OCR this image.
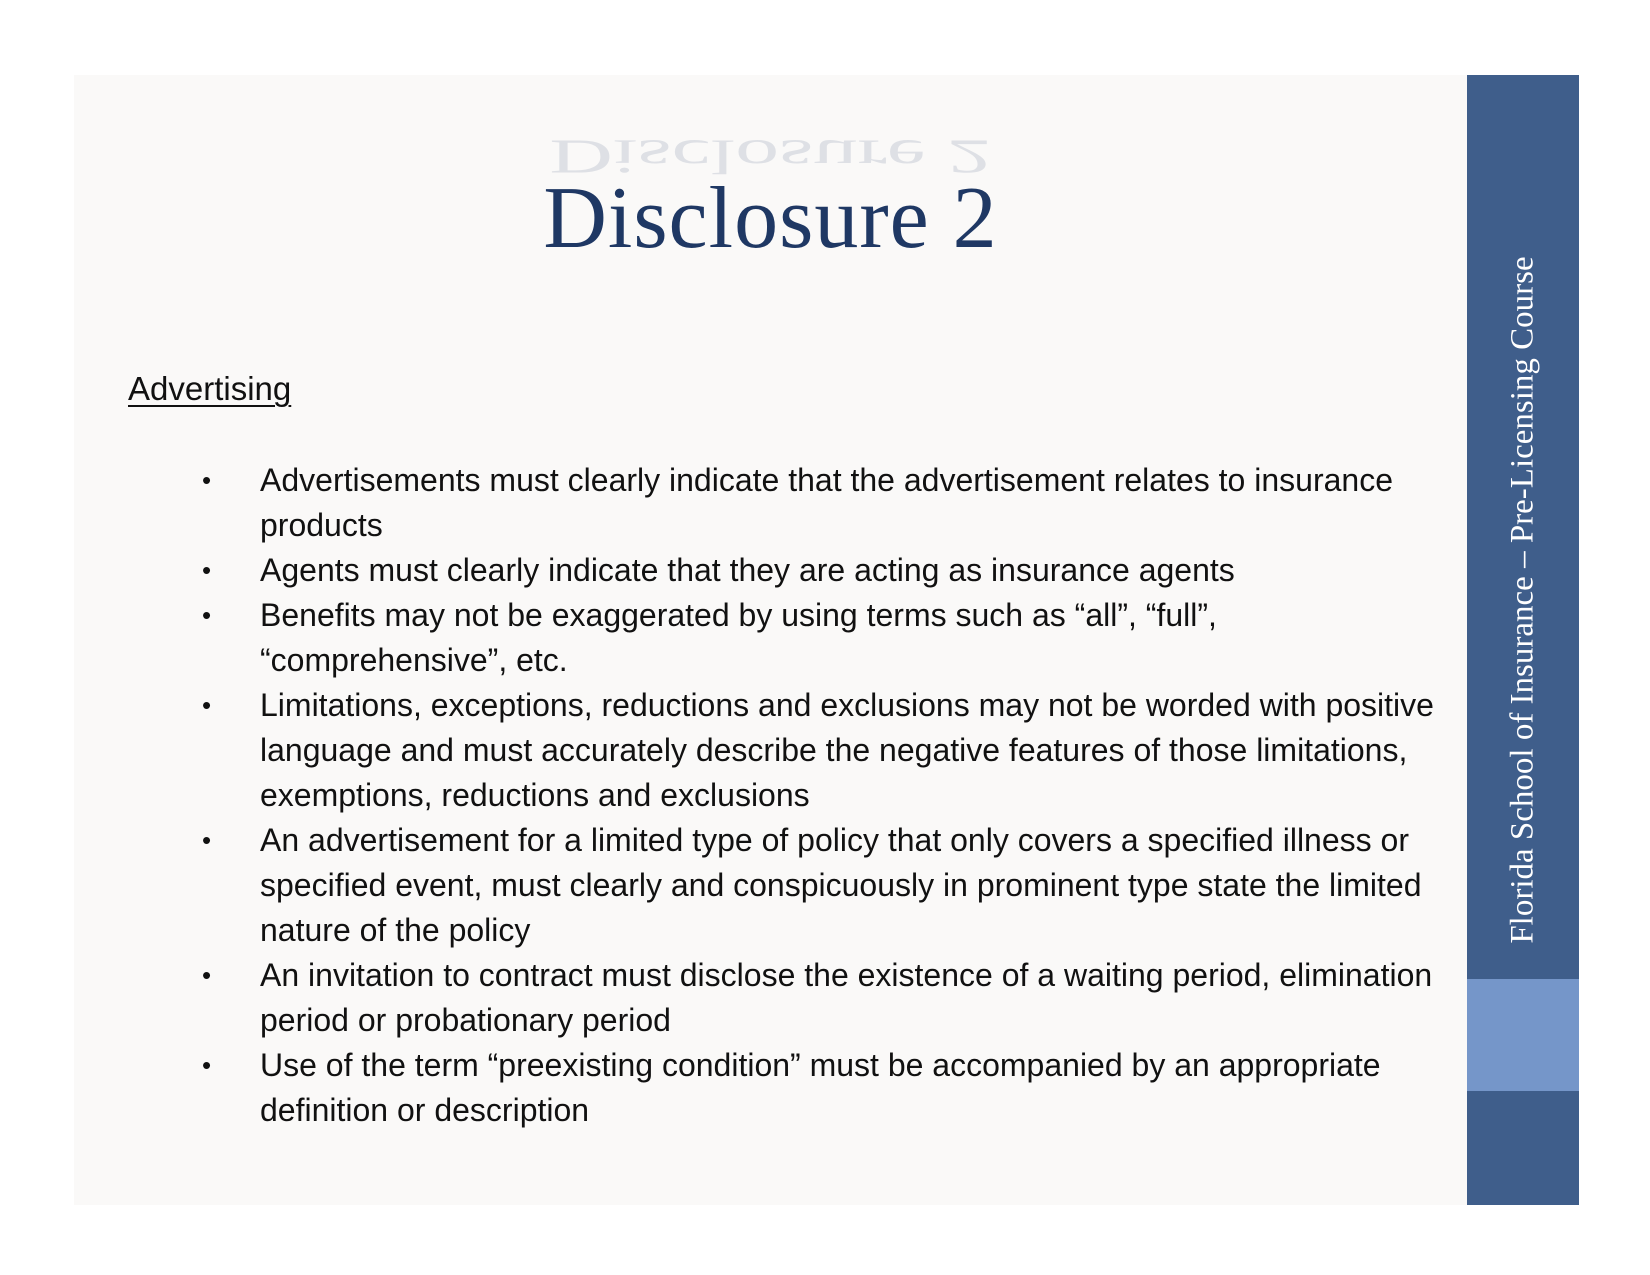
Disclosure 2
Disclosure 2
Advertising
• Advertisements must clearly indicate that the advertisement relates to insurance products
• Agents must clearly indicate that they are acting as insurance agents
• Benefits may not be exaggerated by using terms such as “all”, “full”, “comprehensive”, etc.
• Limitations, exceptions, reductions and exclusions may not be worded with positive language and must accurately describe the negative features of those limitations, exemptions, reductions and exclusions
• An advertisement for a limited type of policy that only covers a specified illness or specified event, must clearly and conspicuously in prominent type state the limited nature of the policy
• An invitation to contract must disclose the existence of a waiting period, elimination period or probationary period
• Use of the term “preexisting condition” must be accompanied by an appropriate definition or description
Florida School of Insurance – Pre-Licensing Course
